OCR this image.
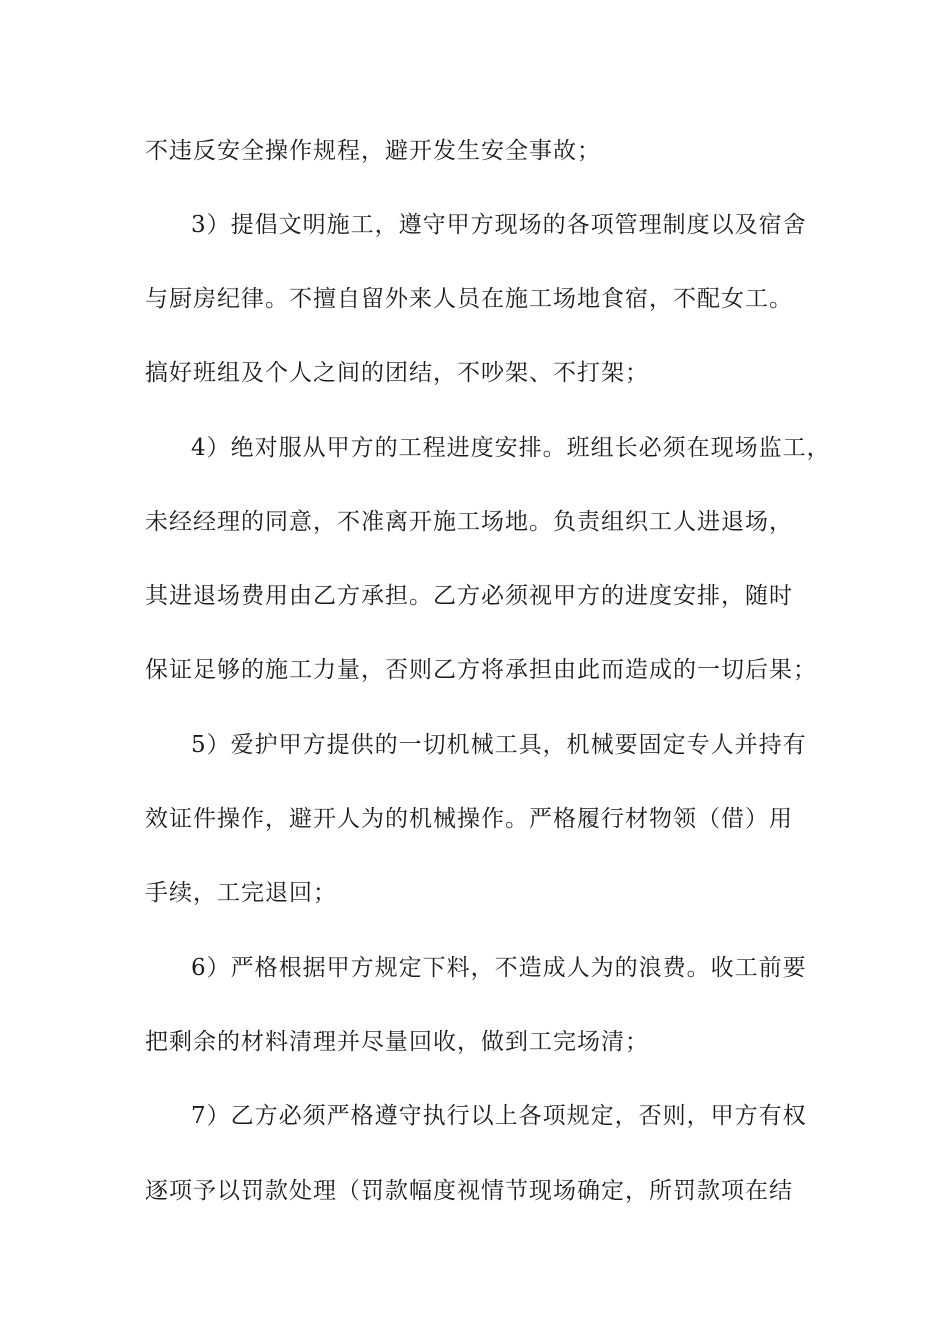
不违反安全操作规程，避开发生安全事故；
3）提倡文明施工，遵守甲方现场的各项管理制度以及宿舍
与厨房纪律。不擅自留外来人员在施工场地食宿，不配女工。
搞好班组及个人之间的团结，不吵架、不打架；
4）绝对服从甲方的工程进度安排。班组长必须在现场监工，
未经经理的同意，不准离开施工场地。负责组织工人进退场，
其进退场费用由乙方承担。乙方必须视甲方的进度安排，随时
保证足够的施工力量，否则乙方将承担由此而造成的一切后果；
5）爱护甲方提供的一切机械工具，机械要固定专人并持有
效证件操作，避开人为的机械操作。严格履行材物领（借）用
手续，工完退回；
6）严格根据甲方规定下料，不造成人为的浪费。收工前要
把剩余的材料清理并尽量回收，做到工完场清；
7）乙方必须严格遵守执行以上各项规定，否则，甲方有权
逐项予以罚款处理（罚款幅度视情节现场确定，所罚款项在结
